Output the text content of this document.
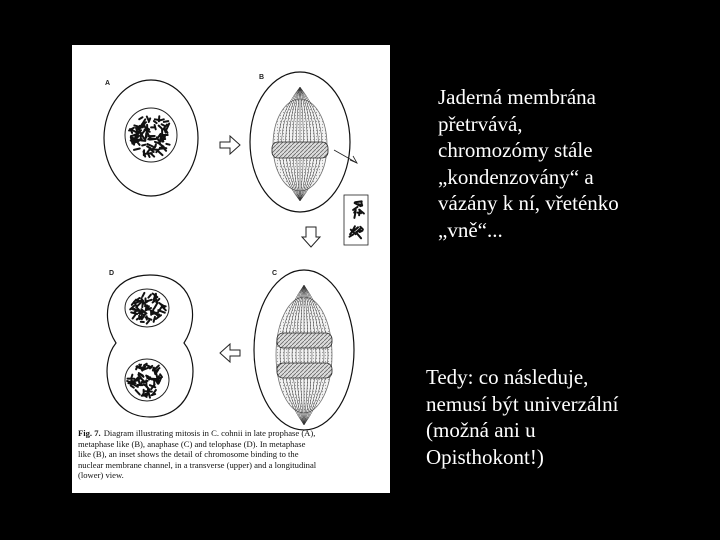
A
B
D	C
Fig. 7. Diagram illustrating mitosis in C. cohnii in late prophase (A),
metaphase like (B), anaphase (C) and telophase (D). In metaphase
like (B), an inset shows the detail of chromosome binding to the
nuclear membrane channel, in a transverse (upper) and a longitudinal
(lower) view.
Jaderná membrána
přetrvává,
chromozómy stále
„kondenzovány“ a
vázány k ní, vřeténko
„vně“...
Tedy: co následuje,
nemusí být univerzální
(možná ani u
Opisthokont!)
